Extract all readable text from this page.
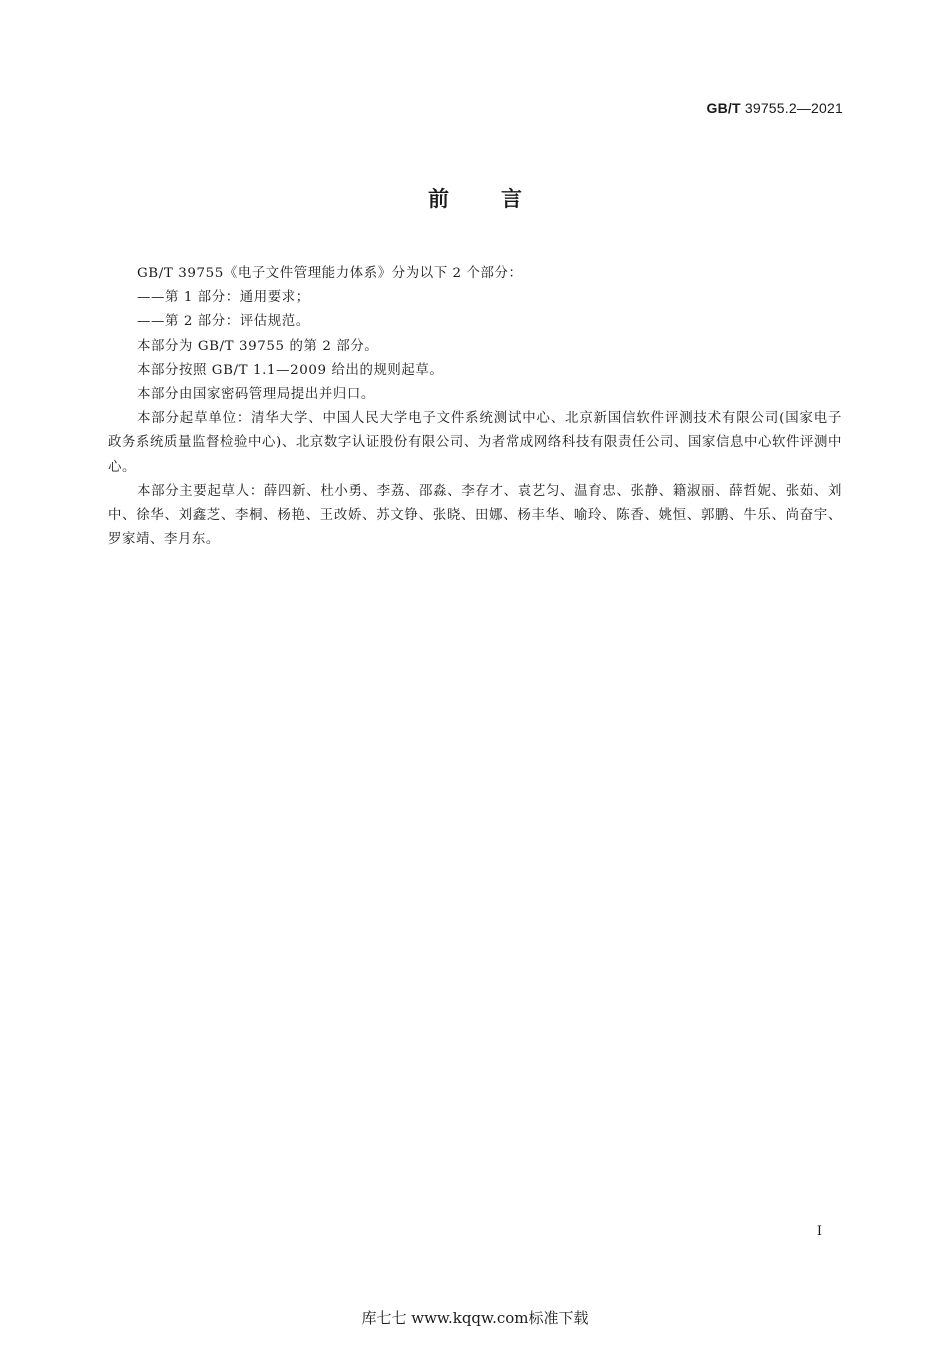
GB/T 39755.2—2021
前言

GB/T 39755《电子文件管理能力体系》分为以下 2 个部分：

——第 1 部分：通用要求；

——第 2 部分：评估规范。

本部分为 GB/T 39755 的第 2 部分。

本部分按照 GB/T 1.1—2009 给出的规则起草。

本部分由国家密码管理局提出并归口。

本部分起草单位：清华大学、中国人民大学电子文件系统测试中心、北京新国信软件评测技术有限公司(国家电子政务系统质量监督检验中心)、北京数字认证股份有限公司、为者常成网络科技有限责任公司、国家信息中心软件评测中心。

本部分主要起草人：薛四新、杜小勇、李荔、邵淼、李存才、袁艺匀、温育忠、张静、籍淑丽、薛哲妮、张茹、刘中、徐华、刘鑫芝、李桐、杨艳、王改娇、苏文铮、张晓、田娜、杨丰华、喻玲、陈香、姚恒、郭鹏、牛乐、尚奋宇、罗家靖、李月东。

I
库七七 www.kqqw.com标准下载
